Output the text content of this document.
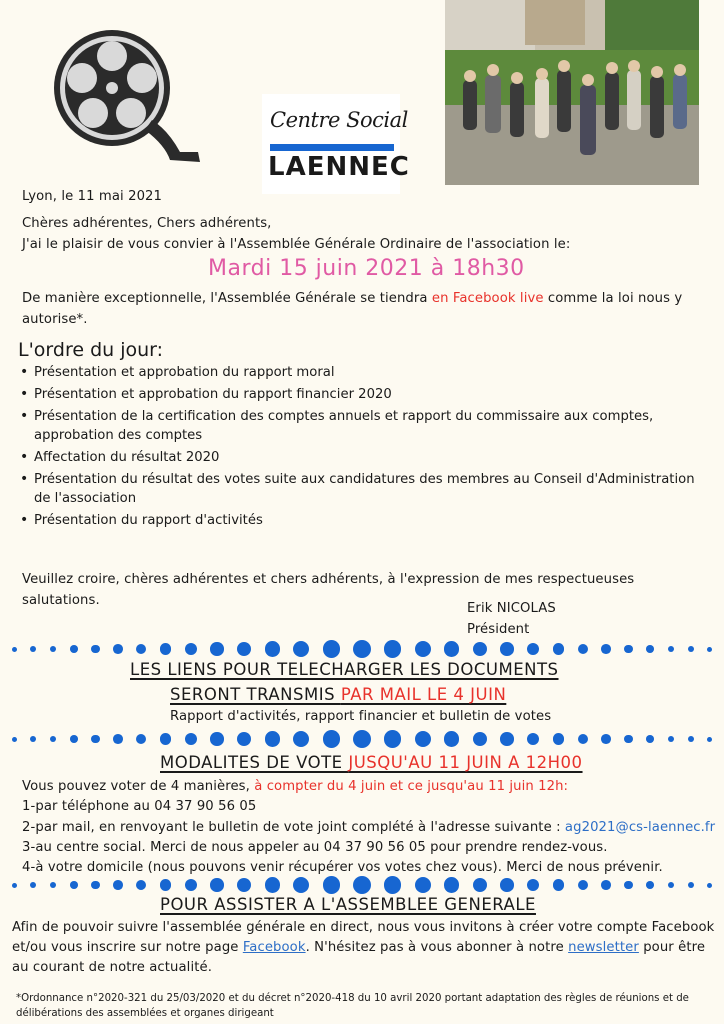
Centre Social
LAENNEC
Lyon, le 11 mai 2021
Chères adhérentes, Chers adhérents,
J'ai le plaisir de vous convier à l'Assemblée Générale Ordinaire de l'association le:
Mardi 15 juin 2021 à 18h30
De manière exceptionnelle, l'Assemblée Générale se tiendra en Facebook live comme la loi nous y
autorise*.
L'ordre du jour:
• Présentation et approbation du rapport moral
• Présentation et approbation du rapport financier 2020
• Présentation de la certification des comptes annuels et rapport du commissaire aux comptes,
approbation des comptes
• Affectation du résultat 2020
• Présentation du résultat des votes suite aux candidatures des membres au Conseil d'Administration
de l'association
• Présentation du rapport d'activités
Veuillez croire, chères adhérentes et chers adhérents, à l'expression de mes respectueuses
salutations.
Erik NICOLAS
Président
LES LIENS POUR TELECHARGER LES DOCUMENTS
SERONT TRANSMIS PAR MAIL LE 4 JUIN
Rapport d'activités, rapport financier et bulletin de votes
MODALITES DE VOTE JUSQU'AU 11 JUIN A 12H00
Vous pouvez voter de 4 manières, à compter du 4 juin et ce jusqu'au 11 juin 12h:
1-par téléphone au 04 37 90 56 05
2-par mail, en renvoyant le bulletin de vote joint complété à l'adresse suivante : ag2021@cs-laennec.fr
3-au centre social. Merci de nous appeler au 04 37 90 56 05 pour prendre rendez-vous.
4-à votre domicile (nous pouvons venir récupérer vos votes chez vous). Merci de nous prévenir.
POUR ASSISTER A L'ASSEMBLEE GENERALE
Afin de pouvoir suivre l'assemblée générale en direct, nous vous invitons à créer votre compte Facebook
et/ou vous inscrire sur notre page Facebook. N'hésitez pas à vous abonner à notre newsletter pour être
au courant de notre actualité.
*Ordonnance n°2020-321 du 25/03/2020 et du décret n°2020-418 du 10 avril 2020 portant adaptation des règles de réunions et de
délibérations des assemblées et organes dirigeant
